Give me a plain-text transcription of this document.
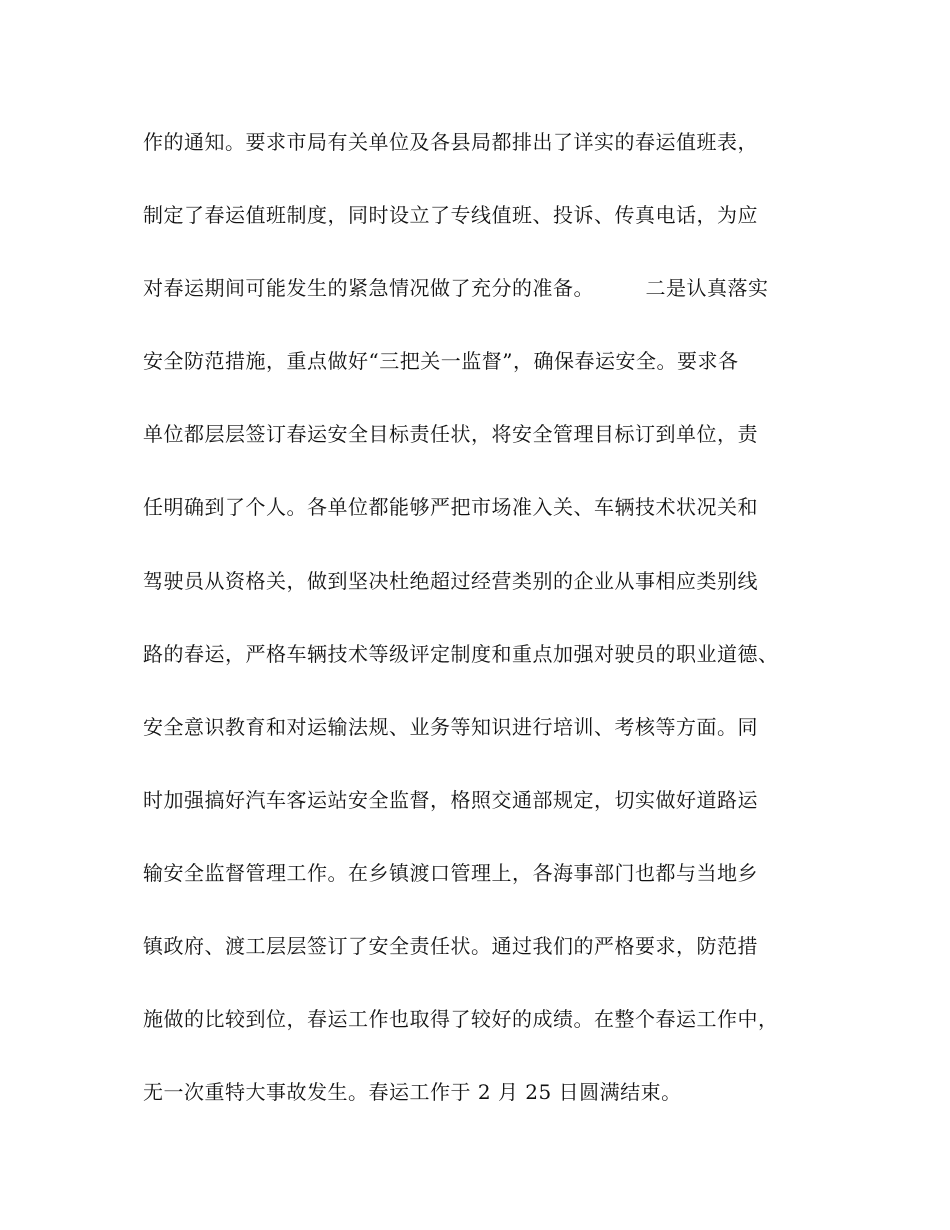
作的通知。要求市局有关单位及各县局都排出了详实的春运值班表，
制定了春运值班制度，同时设立了专线值班、投诉、传真电话，为应
对春运期间可能发生的紧急情况做了充分的准备。　　　二是认真落实
安全防范措施，重点做好“三把关一监督”，确保春运安全。要求各
单位都层层签订春运安全目标责任状，将安全管理目标订到单位，责
任明确到了个人。各单位都能够严把市场准入关、车辆技术状况关和
驾驶员从资格关，做到坚决杜绝超过经营类别的企业从事相应类别线
路的春运，严格车辆技术等级评定制度和重点加强对驶员的职业道德、
安全意识教育和对运输法规、业务等知识进行培训、考核等方面。同
时加强搞好汽车客运站安全监督，格照交通部规定，切实做好道路运
输安全监督管理工作。在乡镇渡口管理上，各海事部门也都与当地乡
镇政府、渡工层层签订了安全责任状。通过我们的严格要求，防范措
施做的比较到位，春运工作也取得了较好的成绩。在整个春运工作中，
无一次重特大事故发生。春运工作于 2 月 25 日圆满结束。
